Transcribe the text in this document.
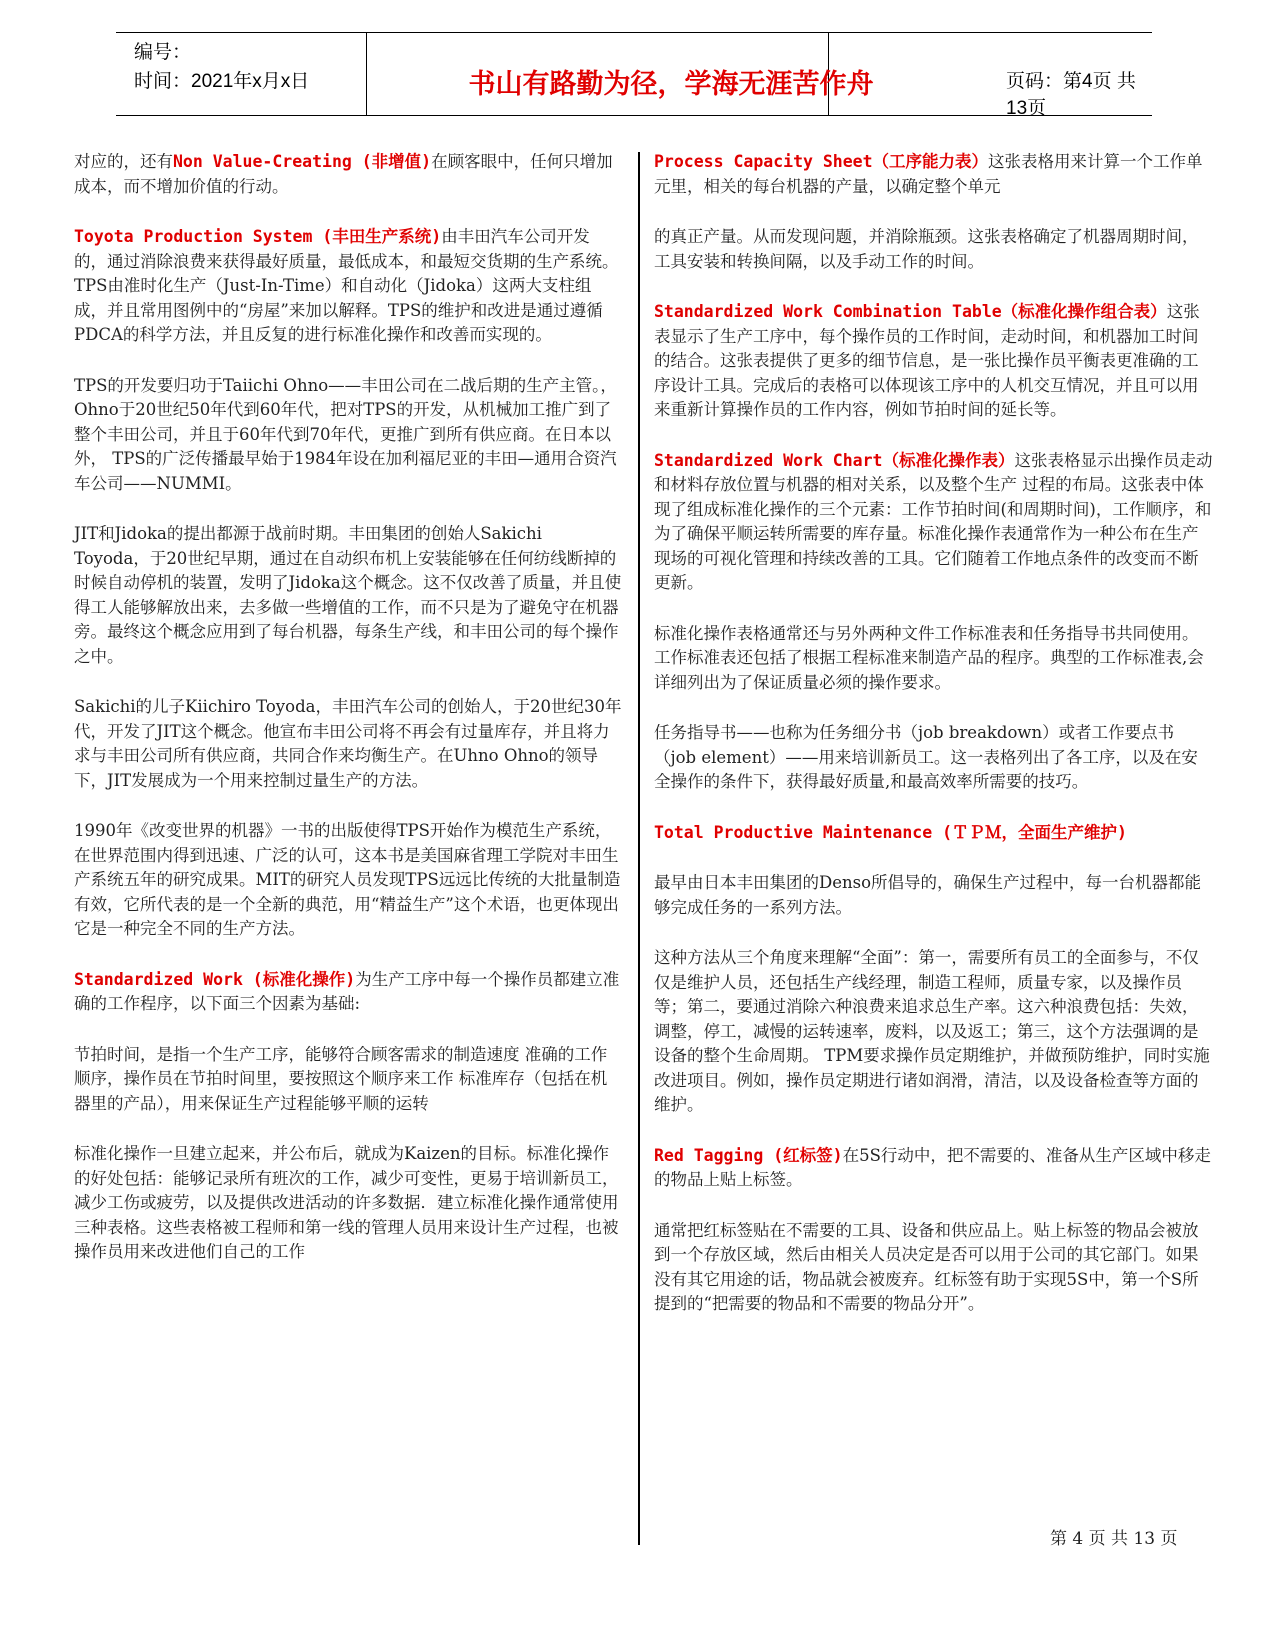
编号：
时间：2021年x月x日	书山有路勤为径，学海无涯苦作舟	页码：第4页 共13页

对应的，还有Non Value-Creating (非增值)在顾客眼中，任何只增加成本，而不增加价值的行动。

Toyota Production System (丰田生产系统)由丰田汽车公司开发的，通过消除浪费来获得最好质量，最低成本，和最短交货期的生产系统。TPS由准时化生产（Just-In-Time）和自动化（Jidoka）这两大支柱组成，并且常用图例中的“房屋”来加以解释。TPS的维护和改进是通过遵循PDCA的科学方法，并且反复的进行标准化操作和改善而实现的。

TPS的开发要归功于Taiichi Ohno——丰田公司在二战后期的生产主管。，Ohno于20世纪50年代到60年代，把对TPS的开发，从机械加工推广到了整个丰田公司，并且于60年代到70年代，更推广到所有供应商。在日本以外， TPS的广泛传播最早始于1984年设在加利福尼亚的丰田—通用合资汽车公司——NUMMI。

JIT和Jidoka的提出都源于战前时期。丰田集团的创始人Sakichi Toyoda，于20世纪早期，通过在自动织布机上安装能够在任何纺线断掉的时候自动停机的装置，发明了Jidoka这个概念。这不仅改善了质量，并且使得工人能够解放出来，去多做一些增值的工作，而不只是为了避免守在机器旁。最终这个概念应用到了每台机器，每条生产线，和丰田公司的每个操作之中。

Sakichi的儿子Kiichiro Toyoda，丰田汽车公司的创始人，于20世纪30年代，开发了JIT这个概念。他宣布丰田公司将不再会有过量库存，并且将力求与丰田公司所有供应商，共同合作来均衡生产。在Uhno Ohno的领导下，JIT发展成为一个用来控制过量生产的方法。

1990年《改变世界的机器》一书的出版使得TPS开始作为模范生产系统，在世界范围内得到迅速、广泛的认可，这本书是美国麻省理工学院对丰田生产系统五年的研究成果。MIT的研究人员发现TPS远远比传统的大批量制造有效，它所代表的是一个全新的典范，用“精益生产”这个术语，也更体现出它是一种完全不同的生产方法。

Standardized Work (标准化操作)为生产工序中每一个操作员都建立准确的工作程序，以下面三个因素为基础:

节拍时间，是指一个生产工序，能够符合顾客需求的制造速度 准确的工作顺序，操作员在节拍时间里，要按照这个顺序来工作 标准库存（包括在机器里的产品），用来保证生产过程能够平顺的运转

标准化操作一旦建立起来，并公布后，就成为Kaizen的目标。标准化操作的好处包括：能够记录所有班次的工作，减少可变性，更易于培训新员工，减少工伤或疲劳，以及提供改进活动的许多数据．建立标准化操作通常使用三种表格。这些表格被工程师和第一线的管理人员用来设计生产过程，也被操作员用来改进他们自己的工作

Process Capacity Sheet（工序能力表）这张表格用来计算一个工作单元里，相关的每台机器的产量，以确定整个单元

的真正产量。从而发现问题，并消除瓶颈。这张表格确定了机器周期时间，工具安装和转换间隔，以及手动工作的时间。

Standardized Work Combination Table（标准化操作组合表）这张表显示了生产工序中，每个操作员的工作时间，走动时间，和机器加工时间的结合。这张表提供了更多的细节信息，是一张比操作员平衡表更准确的工序设计工具。完成后的表格可以体现该工序中的人机交互情况，并且可以用来重新计算操作员的工作内容，例如节拍时间的延长等。

Standardized Work Chart（标准化操作表）这张表格显示出操作员走动和材料存放位置与机器的相对关系，以及整个生产 过程的布局。这张表中体现了组成标准化操作的三个元素：工作节拍时间(和周期时间)，工作顺序，和为了确保平顺运转所需要的库存量。标准化操作表通常作为一种公布在生产现场的可视化管理和持续改善的工具。它们随着工作地点条件的改变而不断更新。

标准化操作表格通常还与另外两种文件工作标准表和任务指导书共同使用。工作标准表还包括了根据工程标准来制造产品的程序。典型的工作标准表,会详细列出为了保证质量必须的操作要求。

任务指导书——也称为任务细分书（job breakdown）或者工作要点书（job element）——用来培训新员工。这一表格列出了各工序，以及在安全操作的条件下，获得最好质量,和最高效率所需要的技巧。

Total Productive Maintenance (ＴＰＭ，全面生产维护)

最早由日本丰田集团的Denso所倡导的，确保生产过程中，每一台机器都能够完成任务的一系列方法。

这种方法从三个角度来理解“全面”：第一，需要所有员工的全面参与，不仅仅是维护人员，还包括生产线经理，制造工程师，质量专家，以及操作员等；第二，要通过消除六种浪费来追求总生产率。这六种浪费包括：失效，调整，停工，减慢的运转速率，废料，以及返工；第三，这个方法强调的是设备的整个生命周期。 TPM要求操作员定期维护，并做预防维护，同时实施改进项目。例如，操作员定期进行诸如润滑，清洁，以及设备检查等方面的维护。

Red Tagging (红标签)在5S行动中，把不需要的、准备从生产区域中移走的物品上贴上标签。

通常把红标签贴在不需要的工具、设备和供应品上。贴上标签的物品会被放到一个存放区域，然后由相关人员决定是否可以用于公司的其它部门。如果没有其它用途的话，物品就会被废弃。红标签有助于实现5S中，第一个S所提到的“把需要的物品和不需要的物品分开”。

第 4 页 共 13 页
